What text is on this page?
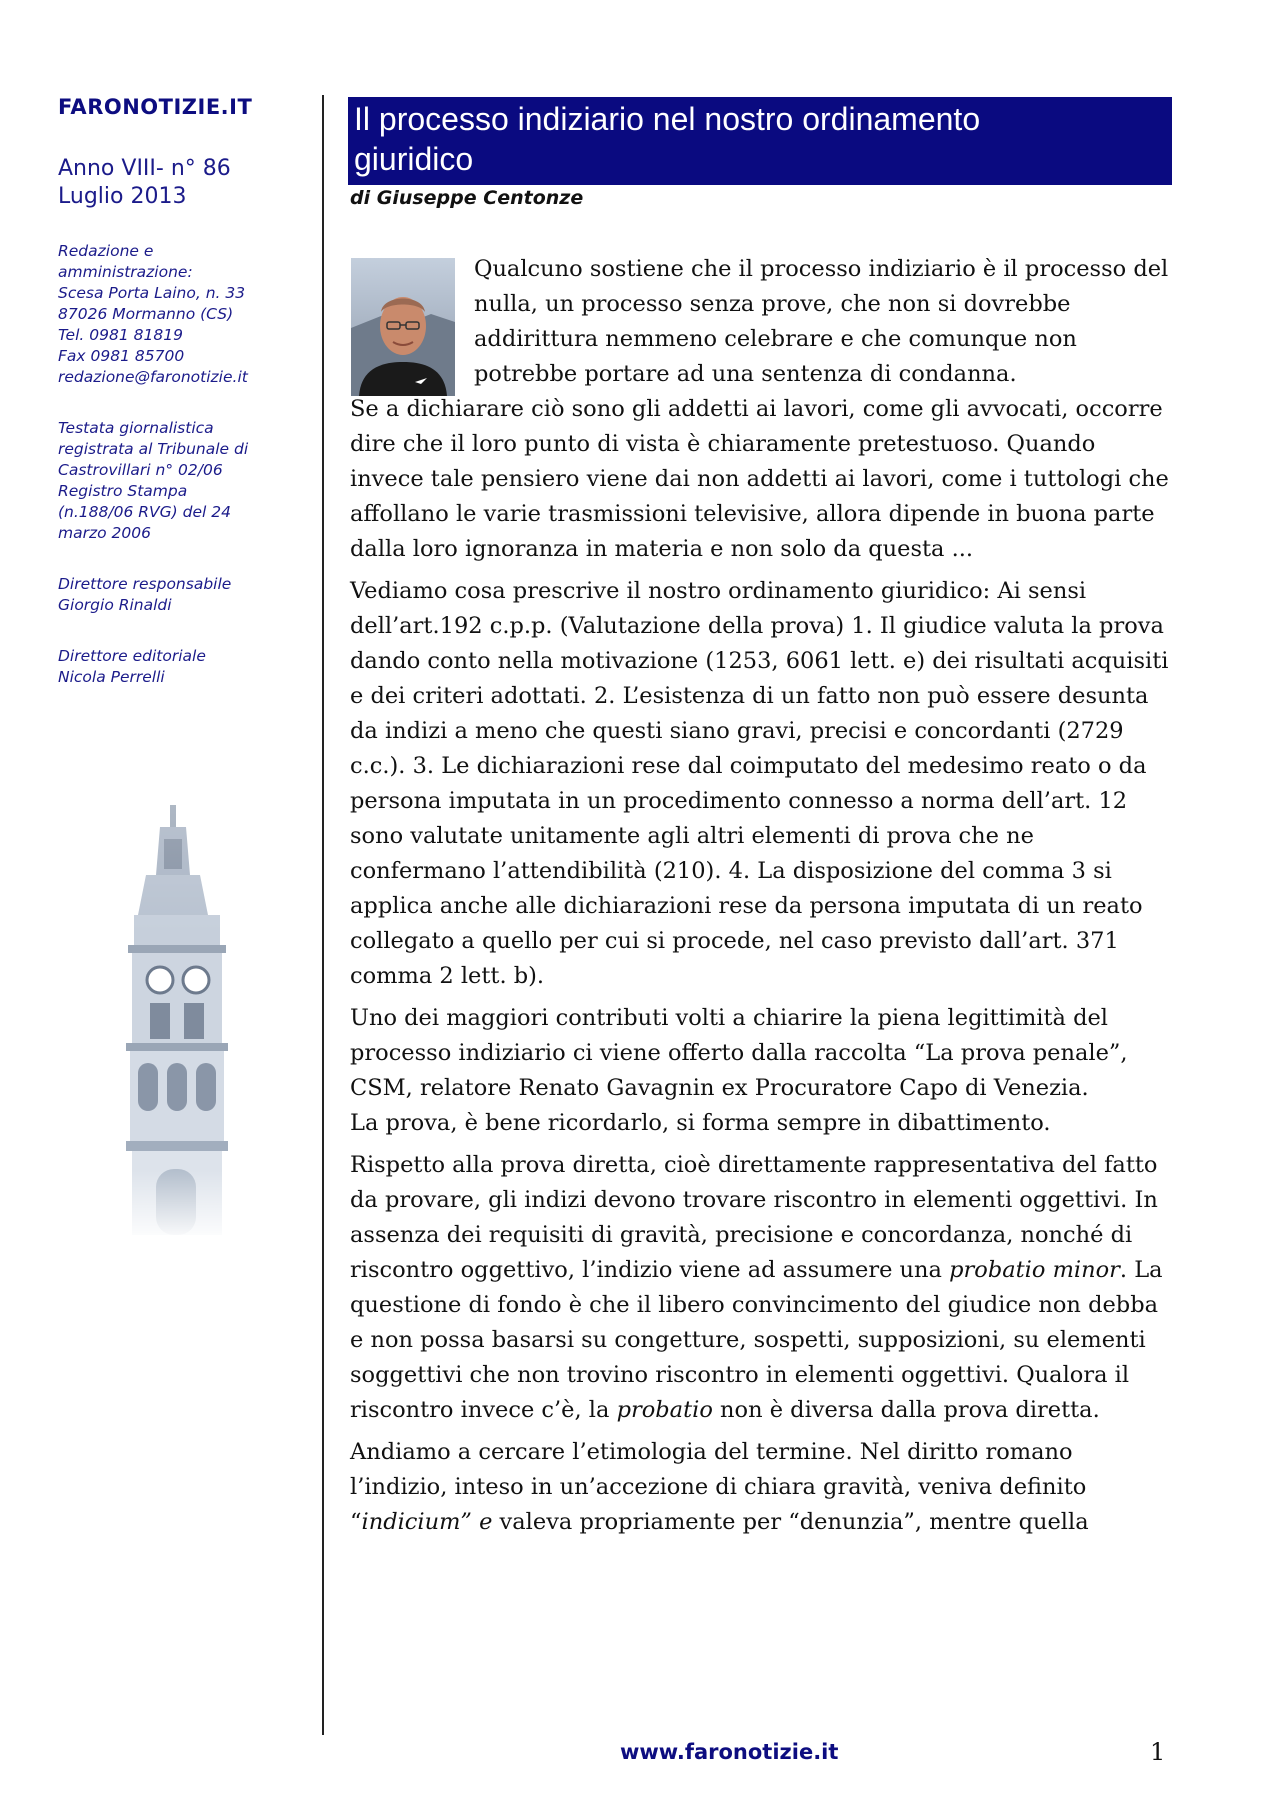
FARONOTIZIE.IT
Anno VIII- n° 86
Luglio 2013
Redazione e
amministrazione:
Scesa Porta Laino, n. 33
87026 Mormanno (CS)
Tel. 0981 81819
Fax 0981 85700
redazione@faronotizie.it
Testata giornalistica
registrata al Tribunale di
Castrovillari n° 02/06
Registro Stampa
(n.188/06 RVG) del 24
marzo 2006
Direttore responsabile
Giorgio Rinaldi
Direttore editoriale
Nicola Perrelli
Il processo indiziario nel nostro ordinamento
giuridico
di Giuseppe Centonze

Qualcuno sostiene che il processo indiziario è il processo del nulla, un processo senza prove, che non si dovrebbe addirittura nemmeno celebrare e che comunque non potrebbe portare ad una sentenza di condanna.

Se a dichiarare ciò sono gli addetti ai lavori, come gli avvocati, occorre dire che il loro punto di vista è chiaramente pretestuoso. Quando invece tale pensiero viene dai non addetti ai lavori, come i tuttologi che affollano le varie trasmissioni televisive, allora dipende in buona parte dalla loro ignoranza in materia e non solo da questa ...

Vediamo cosa prescrive il nostro ordinamento giuridico: Ai sensi dell’art.192 c.p.p. (Valutazione della prova) 1. Il giudice valuta la prova dando conto nella motivazione (1253, 6061 lett. e) dei risultati acquisiti e dei criteri adottati. 2. L’esistenza di un fatto non può essere desunta da indizi a meno che questi siano gravi, precisi e concordanti (2729 c.c.). 3. Le dichiarazioni rese dal coimputato del medesimo reato o da persona imputata in un procedimento connesso a norma dell’art. 12 sono valutate unitamente agli altri elementi di prova che ne confermano l’attendibilità (210). 4. La disposizione del comma 3 si applica anche alle dichiarazioni rese da persona imputata di un reato collegato a quello per cui si procede, nel caso previsto dall’art. 371 comma 2 lett. b).

Uno dei maggiori contributi volti a chiarire la piena legittimità del processo indiziario ci viene offerto dalla raccolta “La prova penale”, CSM, relatore Renato Gavagnin ex Procuratore Capo di Venezia.

La prova, è bene ricordarlo, si forma sempre in dibattimento.

Rispetto alla prova diretta, cioè direttamente rappresentativa del fatto da provare, gli indizi devono trovare riscontro in elementi oggettivi. In assenza dei requisiti di gravità, precisione e concordanza, nonché di riscontro oggettivo, l’indizio viene ad assumere una probatio minor. La questione di fondo è che il libero convincimento del giudice non debba e non possa basarsi su congetture, sospetti, supposizioni, su elementi soggettivi che non trovino riscontro in elementi oggettivi. Qualora il riscontro invece c’è, la probatio non è diversa dalla prova diretta.

Andiamo a cercare l’etimologia del termine. Nel diritto romano l’indizio, inteso in un’accezione di chiara gravità, veniva definito “indicium” e valeva propriamente per “denunzia”, mentre quella

www.faronotizie.it	1
